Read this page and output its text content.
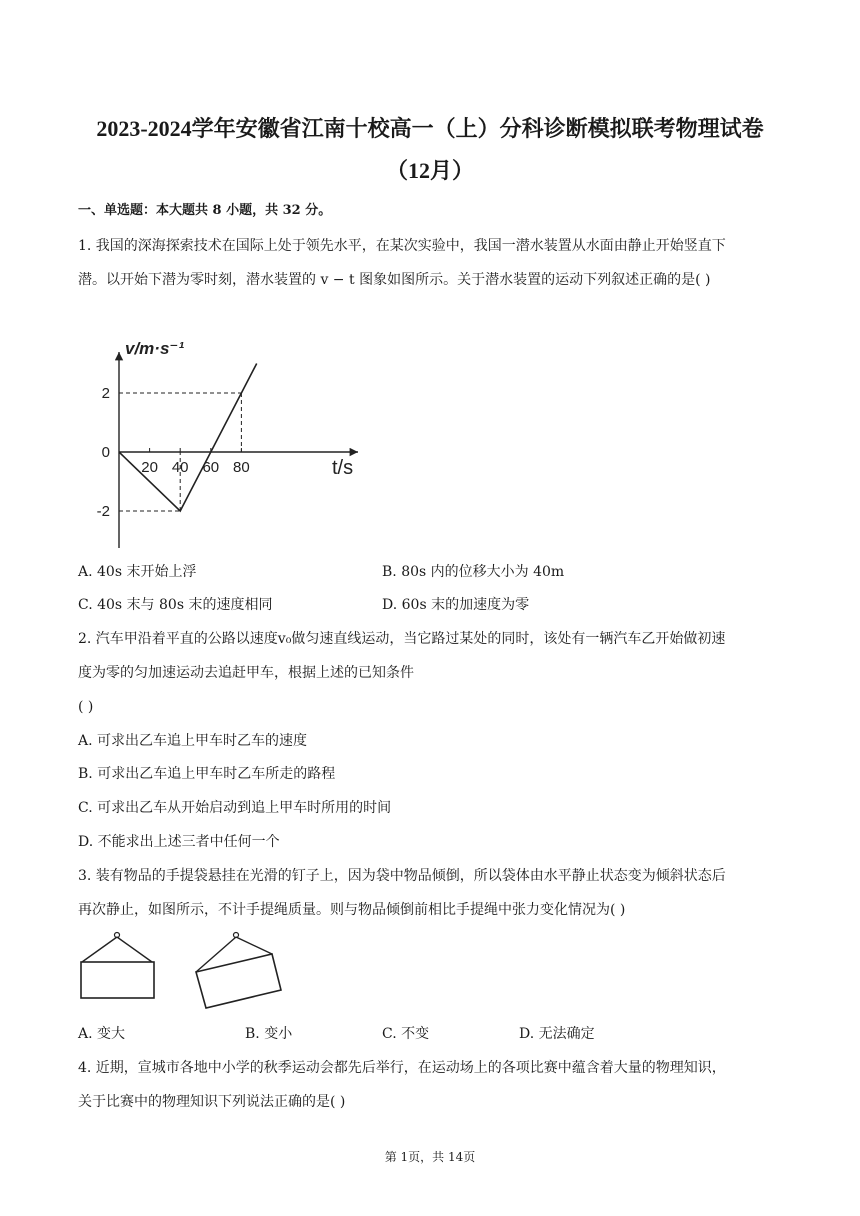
2023-2024学年安徽省江南十校高一（上）分科诊断模拟联考物理试卷
（12月）
一、单选题：本大题共 8 小题，共 32 分。
1. 我国的深海探索技术在国际上处于领先水平，在某次实验中，我国一潜水装置从水面由静止开始竖直下
潜。以开始下潜为零时刻，潜水装置的 v − t 图象如图所示。关于潜水装置的运动下列叙述正确的是( )
20 40 60 80
2
0
-2
v/m·s⁻¹
t/s
A. 40s 末开始上浮	B. 80s 内的位移大小为 40m
C. 40s 末与 80s 末的速度相同	D. 60s 末的加速度为零
2. 汽车甲沿着平直的公路以速度v₀做匀速直线运动，当它路过某处的同时，该处有一辆汽车乙开始做初速
度为零的匀加速运动去追赶甲车，根据上述的已知条件
( )
A. 可求出乙车追上甲车时乙车的速度
B. 可求出乙车追上甲车时乙车所走的路程
C. 可求出乙车从开始启动到追上甲车时所用的时间
D. 不能求出上述三者中任何一个
3. 装有物品的手提袋悬挂在光滑的钉子上，因为袋中物品倾倒，所以袋体由水平静止状态变为倾斜状态后
再次静止，如图所示，不计手提绳质量。则与物品倾倒前相比手提绳中张力变化情况为( )
A. 变大	B. 变小	C. 不变	D. 无法确定
4. 近期，宣城市各地中小学的秋季运动会都先后举行，在运动场上的各项比赛中蕴含着大量的物理知识，
关于比赛中的物理知识下列说法正确的是( )
第 1页，共 14页
